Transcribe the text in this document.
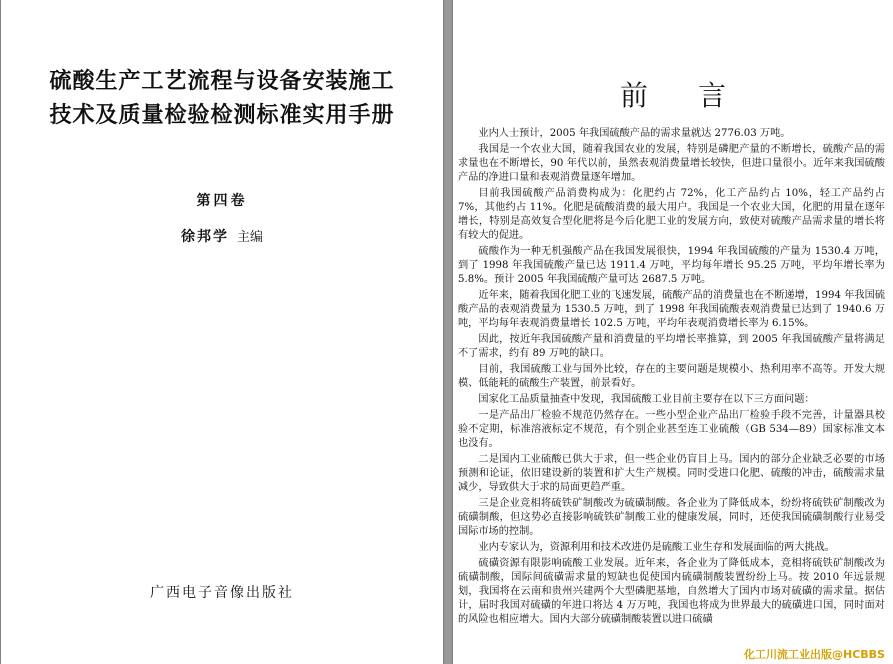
硫酸生产工艺流程与设备安装施工
技术及质量检验检测标准实用手册
第四卷
徐邦学 主编
广西电子音像出版社
前言

业内人士预计，2005 年我国硫酸产品的需求量就达 2776.03 万吨。

我国是一个农业大国，随着我国农业的发展，特别是磷肥产量的不断增长，硫酸产品的需求量也在不断增长，90 年代以前，虽然表观消费量增长较快，但进口量很小。近年来我国硫酸产品的净进口量和表观消费量逐年增加。

目前我国硫酸产品消费构成为：化肥约占 72%，化工产品约占 10%，轻工产品约占 7%，其他约占 11%。化肥是硫酸消费的最大用户。我国是一个农业大国，化肥的用量在逐年增长，特别是高效复合型化肥将是今后化肥工业的发展方向，致使对硫酸产品需求量的增长将有较大的促进。

硫酸作为一种无机强酸产品在我国发展很快，1994 年我国硫酸的产量为 1530.4 万吨，到了 1998 年我国硫酸产量已达 1911.4 万吨，平均每年增长 95.25 万吨，平均年增长率为 5.8%。预计 2005 年我国硫酸产量可达 2687.5 万吨。

近年来，随着我国化肥工业的飞速发展，硫酸产品的消费量也在不断递增，1994 年我国硫酸产品的表观消费量为 1530.5 万吨，到了 1998 年我国硫酸表观消费量已达到了 1940.6 万吨，平均每年表观消费量增长 102.5 万吨，平均年表观消费增长率为 6.15%。

因此，按近年我国硫酸产量和消费量的平均增长率推算，到 2005 年我国硫酸产量将满足不了需求，约有 89 万吨的缺口。

目前，我国硫酸工业与国外比较，存在的主要问题是规模小、热利用率不高等。开发大规模、低能耗的硫酸生产装置，前景看好。

国家化工品质量抽查中发现，我国硫酸工业目前主要存在以下三方面问题：

一是产品出厂检验不规范仍然存在。一些小型企业产品出厂检验手段不完善，计量器具校验不定期，标准溶液标定不规范，有个别企业甚至连工业硫酸（GB 534—89）国家标准文本也没有。

二是国内工业硫酸已供大于求，但一些企业仍盲目上马。国内的部分企业缺乏必要的市场预测和论证，依旧建设新的装置和扩大生产规模。同时受进口化肥、硫酸的冲击，硫酸需求量减少，导致供大于求的局面更趋严重。

三是企业竞相将硫铁矿制酸改为硫磺制酸。各企业为了降低成本，纷纷将硫铁矿制酸改为硫磺制酸，但这势必直接影响硫铁矿制酸工业的健康发展，同时，还使我国硫磺制酸行业易受国际市场的控制。

业内专家认为，资源利用和技术改进仍是硫酸工业生存和发展面临的两大挑战。

硫磺资源有限影响硫酸工业发展。近年来，各企业为了降低成本，竞相将硫铁矿制酸改为硫磺制酸，国际间硫磺需求量的短缺也促使国内硫磺制酸装置纷纷上马。按 2010 年远景规划，我国将在云南和贵州兴建两个大型磷肥基地，自然增大了国内市场对硫磺的需求量。据估计，届时我国对硫磺的年进口将达 4 万万吨，我国也将成为世界最大的硫磺进口国，同时面对的风险也相应增大。国内大部分硫磺制酸装置以进口硫磺

化工川流工业出版@HCBBS
